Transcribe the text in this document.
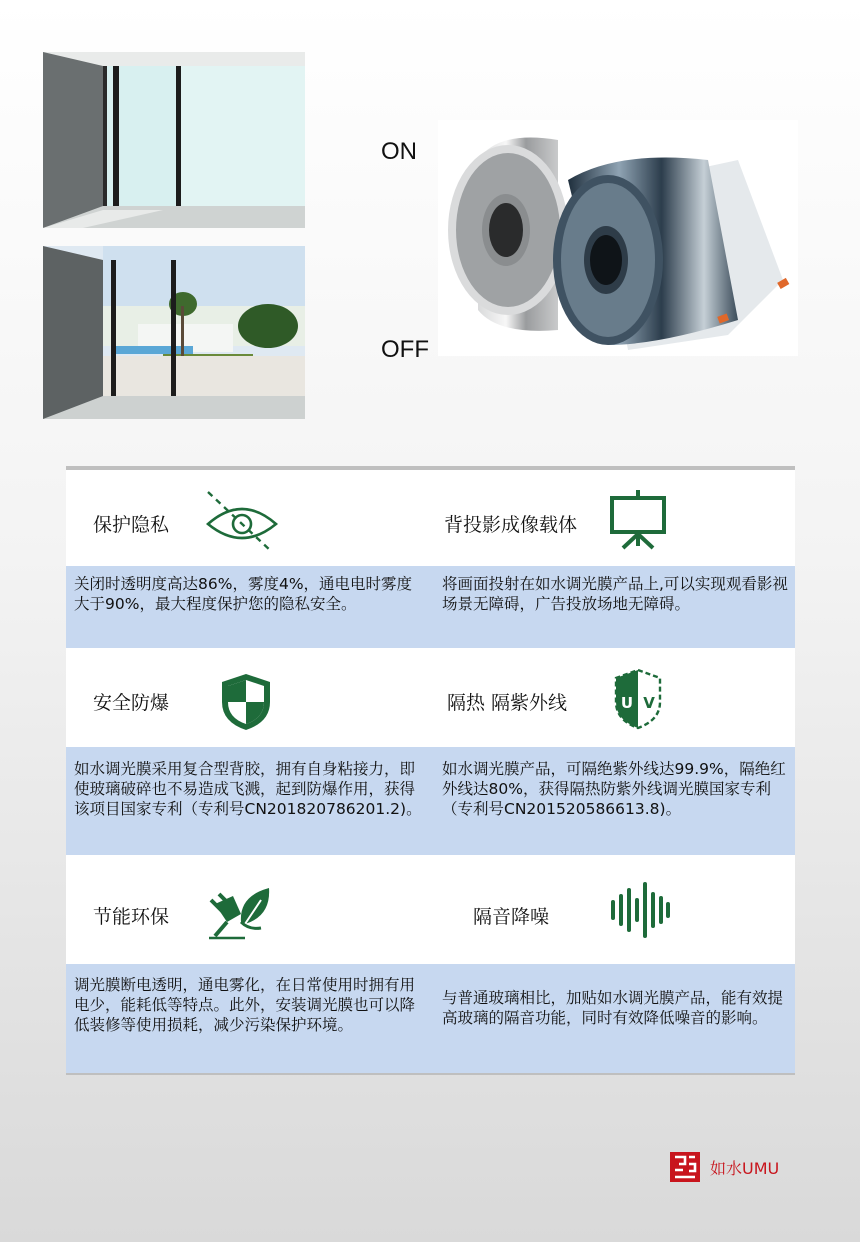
ON
OFF
保护隐私	背投影成像载体
关闭时透明度高达86%，雾度4%，通电电时雾度大于90%，最大程度保护您的隐私安全。
将画面投射在如水调光膜产品上,可以实现观看影视场景无障碍，广告投放场地无障碍。
安全防爆	隔热 隔紫外线	U V
如水调光膜采用复合型背胶，拥有自身粘接力，即使玻璃破碎也不易造成飞溅，起到防爆作用，获得该项目国家专利（专利号CN201820786201.2)。
如水调光膜产品，可隔绝紫外线达99.9%，隔绝红外线达80%，获得隔热防紫外线调光膜国家专利（专利号CN201520586613.8)。
节能环保	隔音降噪
调光膜断电透明，通电雾化，在日常使用时拥有用电少，能耗低等特点。此外，安装调光膜也可以降低装修等使用损耗，减少污染保护环境。
与普通玻璃相比，加贴如水调光膜产品，能有效提高玻璃的隔音功能，同时有效降低噪音的影响。
如水UMU
